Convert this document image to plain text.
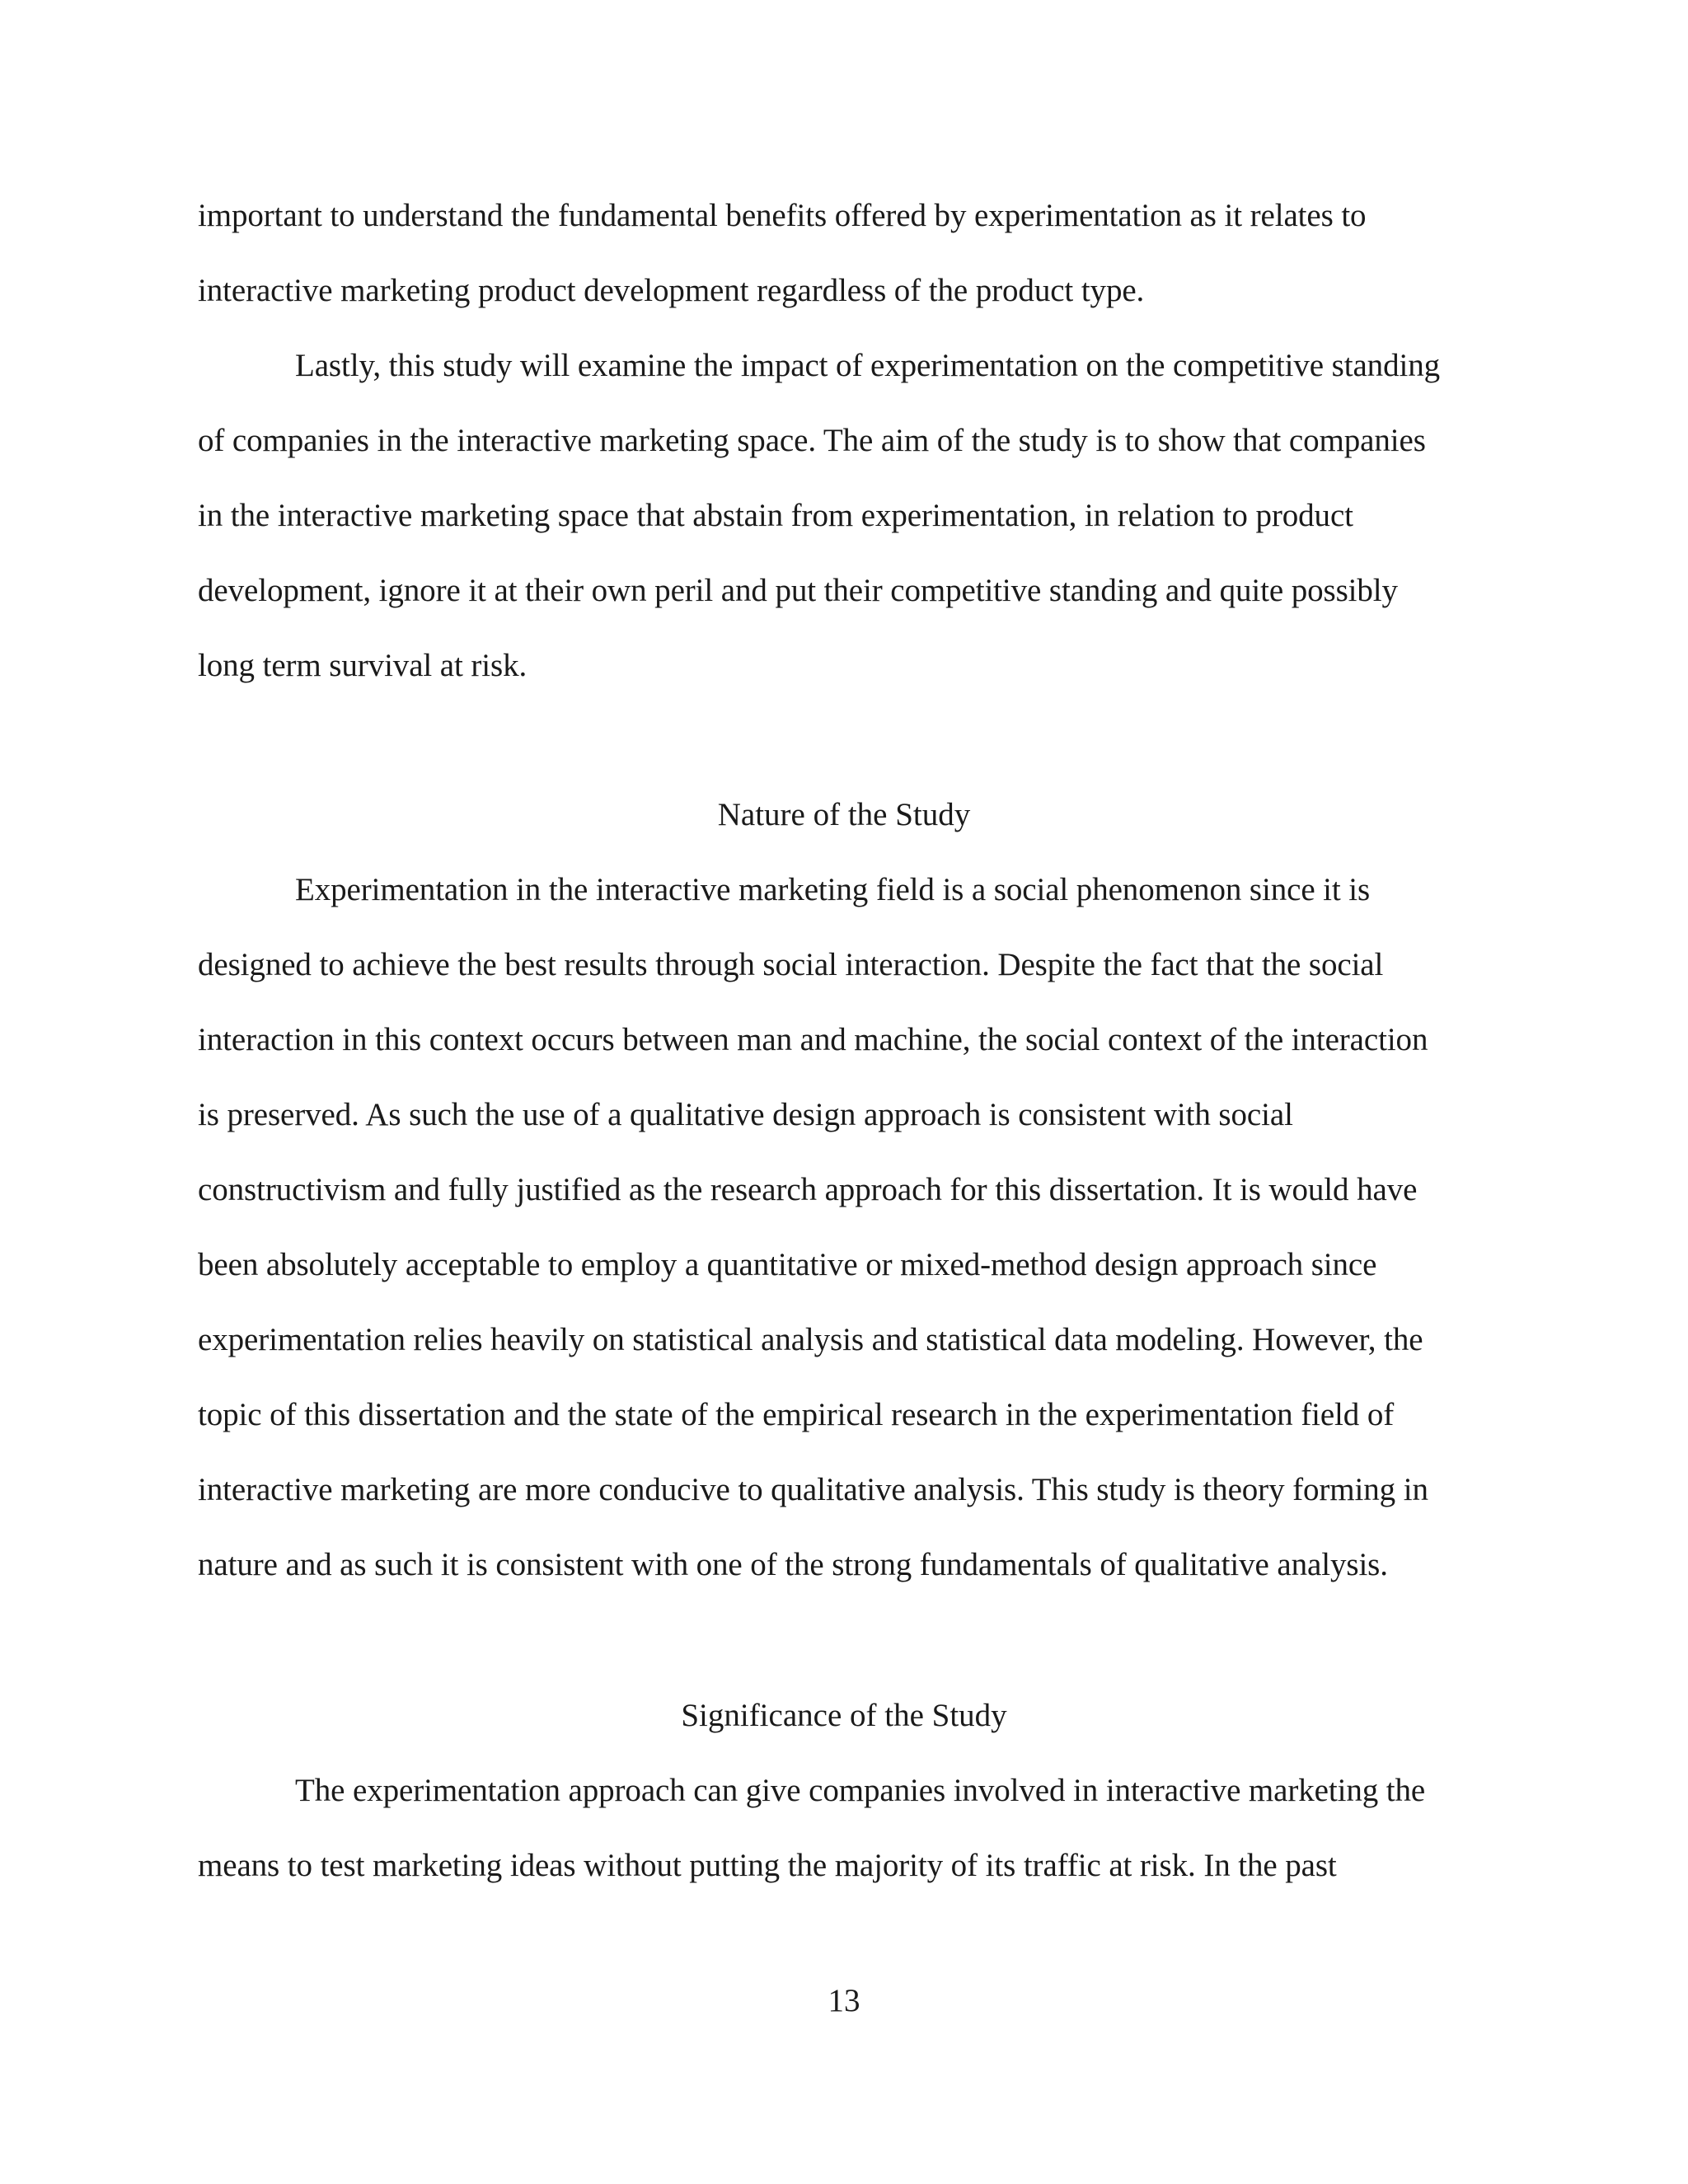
important to understand the fundamental benefits offered by experimentation as it relates to
interactive marketing product development regardless of the product type.
Lastly, this study will examine the impact of experimentation on the competitive standing
of companies in the interactive marketing space. The aim of the study is to show that companies
in the interactive marketing space that abstain from experimentation, in relation to product
development, ignore it at their own peril and put their competitive standing and quite possibly
long term survival at risk.
Nature of the Study
Experimentation in the interactive marketing field is a social phenomenon since it is
designed to achieve the best results through social interaction. Despite the fact that the social
interaction in this context occurs between man and machine, the social context of the interaction
is preserved. As such the use of a qualitative design approach is consistent with social
constructivism and fully justified as the research approach for this dissertation. It is would have
been absolutely acceptable to employ a quantitative or mixed-method design approach since
experimentation relies heavily on statistical analysis and statistical data modeling. However, the
topic of this dissertation and the state of the empirical research in the experimentation field of
interactive marketing are more conducive to qualitative analysis. This study is theory forming in
nature and as such it is consistent with one of the strong fundamentals of qualitative analysis.
Significance of the Study
The experimentation approach can give companies involved in interactive marketing the
means to test marketing ideas without putting the majority of its traffic at risk. In the past
13
